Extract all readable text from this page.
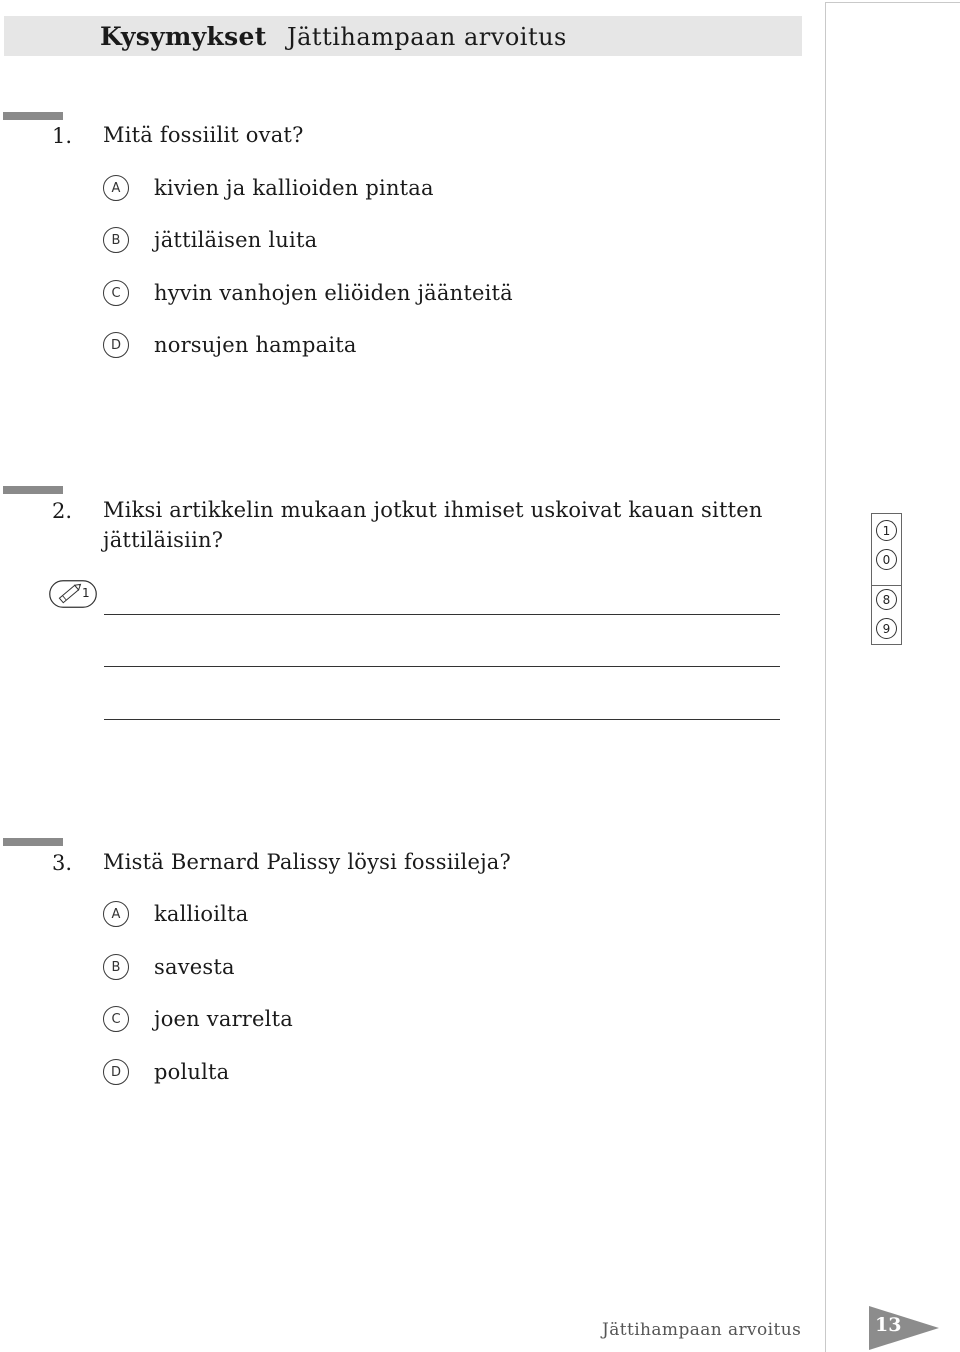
Kysymykset Jättihampaan arvoitus
1. Mitä fossiilit ovat?
A	kivien ja kallioiden pintaa
B	jättiläisen luita
C	hyvin vanhojen eliöiden jäänteitä
D	norsujen hampaita
2. Miksi artikkelin mukaan jotkut ihmiset uskoivat kauan sitten
jättiläisiin?
1
1
0
8
9
3. Mistä Bernard Palissy löysi fossiileja?
A	kallioilta
B	savesta
C	joen varrelta
D	polulta
Jättihampaan arvoitus	13
